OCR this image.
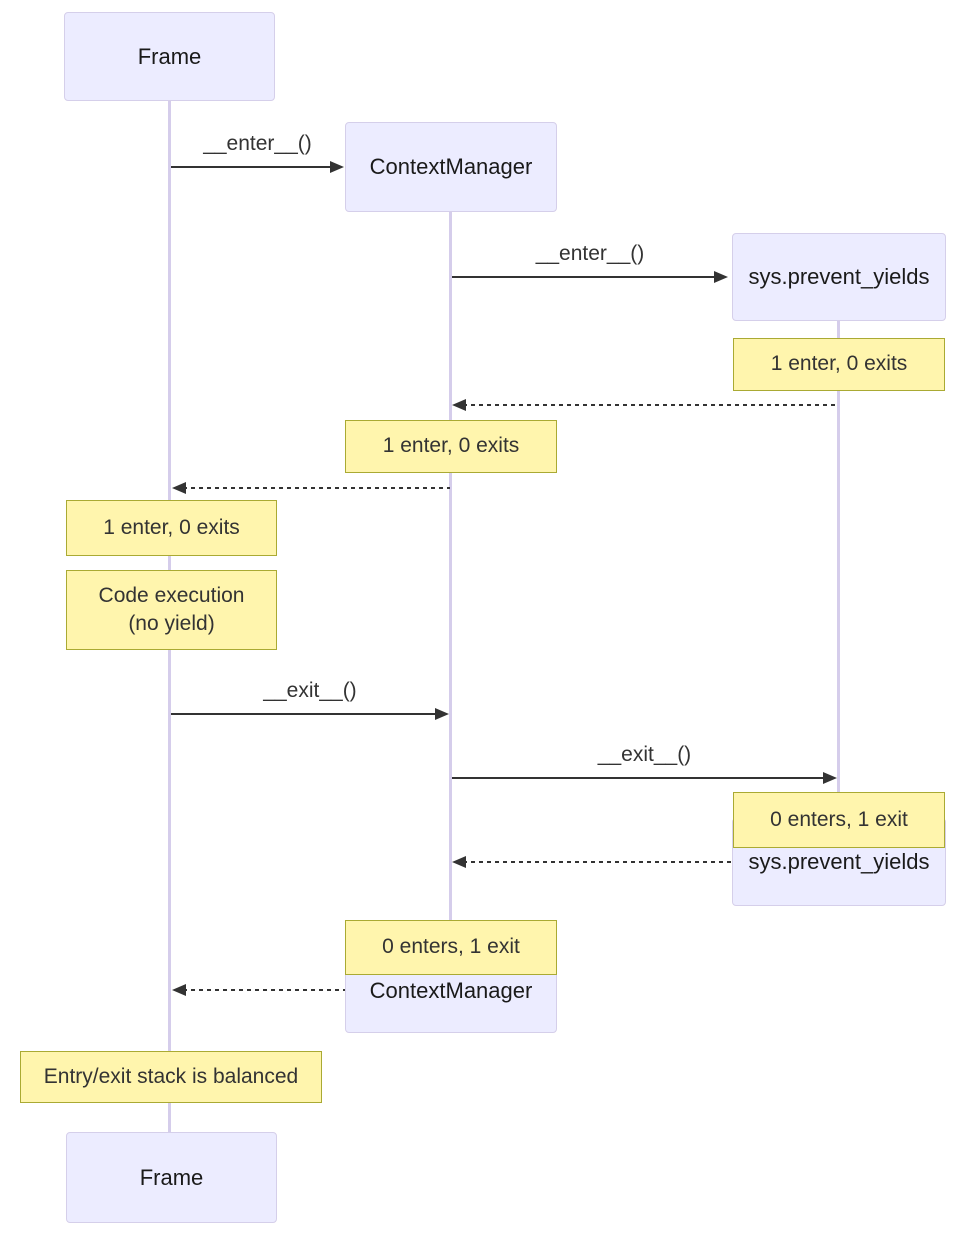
Frame
ContextManager
sys.prevent_yields
sys.prevent_yields
ContextManager
Frame
1 enter, 0 exits
1 enter, 0 exits
1 enter, 0 exits
Code execution
(no yield)
0 enters, 1 exit
0 enters, 1 exit
Entry/exit stack is balanced
__enter__()
__enter__()
__exit__()
__exit__()
